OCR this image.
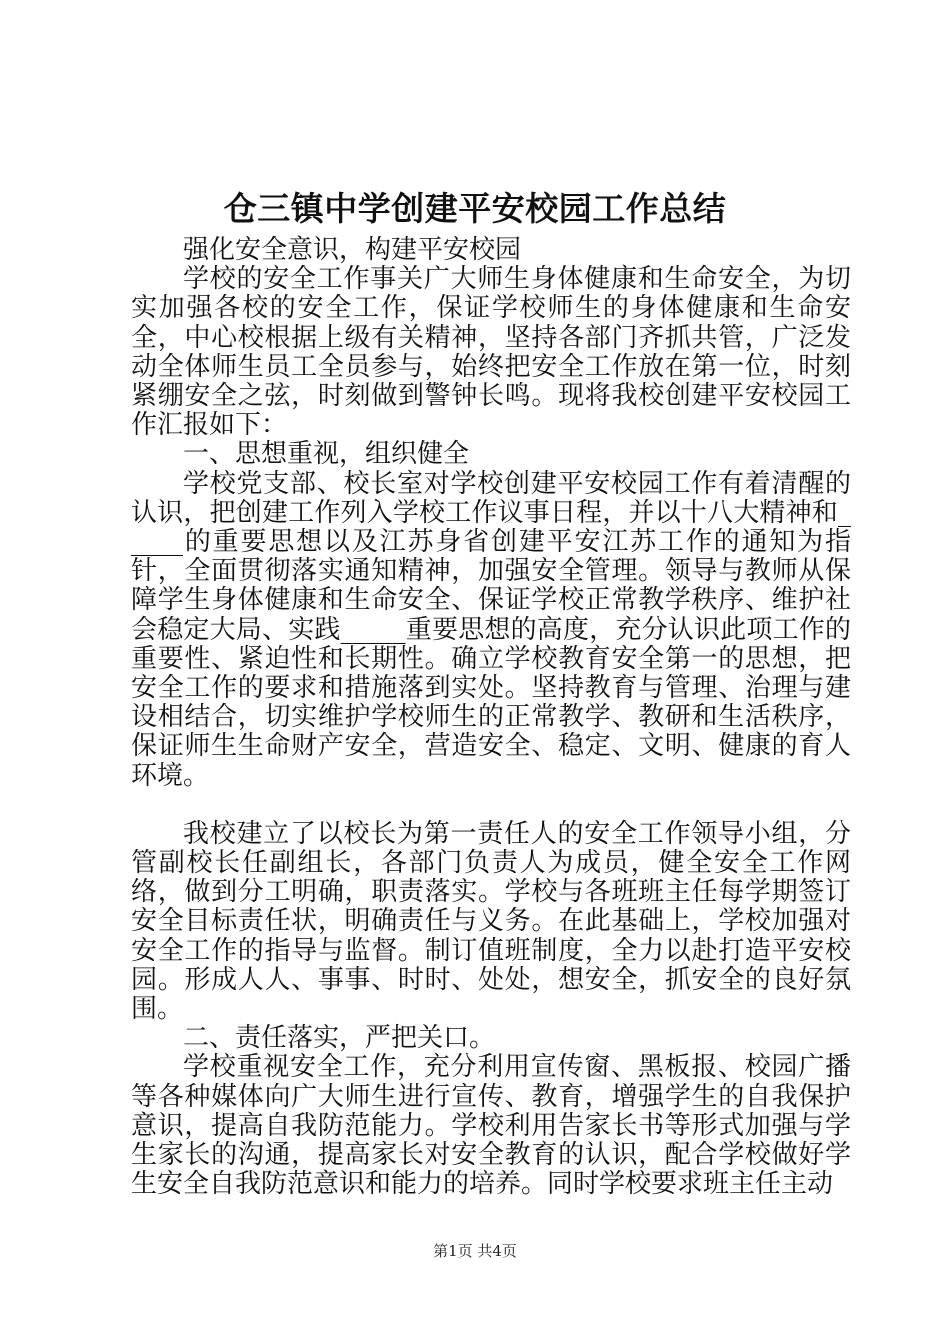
仓三镇中学创建平安校园工作总结

强化安全意识，构建平安校园

学校的安全工作事关广大师生身体健康和生命安全，为切实加强各校的安全工作，保证学校师生的身体健康和生命安全，中心校根据上级有关精神，坚持各部门齐抓共管，广泛发动全体师生员工全员参与，始终把安全工作放在第一位，时刻紧绷安全之弦，时刻做到警钟长鸣。现将我校创建平安校园工作汇报如下：

一、思想重视，组织健全

学校党支部、校长室对学校创建平安校园工作有着清醒的认识，把创建工作列入学校工作议事日程，并以十八大精神和_____的重要思想以及江苏身省创建平安江苏工作的通知为指针，全面贯彻落实通知精神，加强安全管理。领导与教师从保障学生身体健康和生命安全、保证学校正常教学秩序、维护社会稳定大局、实践_____重要思想的高度，充分认识此项工作的重要性、紧迫性和长期性。确立学校教育安全第一的思想，把安全工作的要求和措施落到实处。坚持教育与管理、治理与建设相结合，切实维护学校师生的正常教学、教研和生活秩序，保证师生生命财产安全，营造安全、稳定、文明、健康的育人环境。

我校建立了以校长为第一责任人的安全工作领导小组，分管副校长任副组长，各部门负责人为成员，健全安全工作网络，做到分工明确，职责落实。学校与各班班主任每学期签订安全目标责任状，明确责任与义务。在此基础上，学校加强对安全工作的指导与监督。制订值班制度，全力以赴打造平安校园。形成人人、事事、时时、处处，想安全，抓安全的良好氛围。

二、责任落实，严把关口。

学校重视安全工作，充分利用宣传窗、黑板报、校园广播等各种媒体向广大师生进行宣传、教育，增强学生的自我保护意识，提高自我防范能力。学校利用告家长书等形式加强与学生家长的沟通，提高家长对安全教育的认识，配合学校做好学生安全自我防范意识和能力的培养。同时学校要求班主任主动

第1页 共4页
